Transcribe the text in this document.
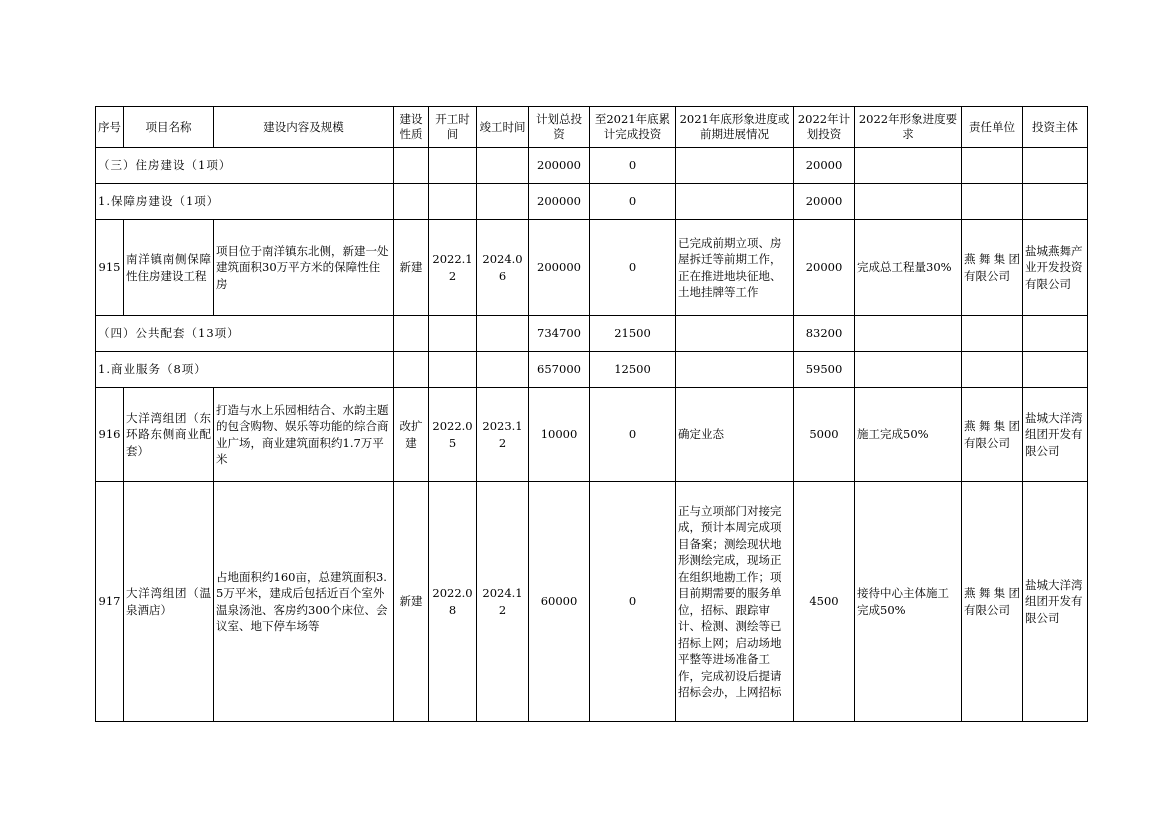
序号	项目名称	建设内容及规模	建设性质	开工时间	竣工时间	计划总投资	至2021年底累计完成投资	2021年底形象进度或前期进展情况	2022年计划投资	2022年形象进度要求	责任单位	投资主体
（三）住房建设（1项）						200000	0		20000			
1.保障房建设（1项）						200000	0		20000			
915	南洋镇南侧保障性住房建设工程	项目位于南洋镇东北侧，新建一处建筑面积30万平方米的保障性住房	新建	2022.12	2024.06	200000	0	已完成前期立项、房屋拆迁等前期工作，正在推进地块征地、土地挂牌等工作	20000	完成总工程量30%	燕舞集团有限公司	盐城燕舞产业开发投资有限公司
（四）公共配套（13项）						734700	21500		83200			
1.商业服务（8项）						657000	12500		59500			
916	大洋湾组团（东环路东侧商业配套）	打造与水上乐园相结合、水韵主题的包含购物、娱乐等功能的综合商业广场，商业建筑面积约1.7万平米	改扩建	2022.05	2023.12	10000	0	确定业态	5000	施工完成50%	燕舞集团有限公司	盐城大洋湾组团开发有限公司
917	大洋湾组团（温泉酒店）	占地面积约160亩，总建筑面积3.5万平米，建成后包括近百个室外温泉汤池、客房约300个床位、会议室、地下停车场等	新建	2022.08	2024.12	60000	0	正与立项部门对接完成，预计本周完成项目备案；测绘现状地形测绘完成，现场正在组织地勘工作；项目前期需要的服务单位，招标、跟踪审计、检测、测绘等已招标上网；启动场地平整等进场准备工作，完成初设后提请招标会办，上网招标	4500	接待中心主体施工完成50%	燕舞集团有限公司	盐城大洋湾组团开发有限公司
